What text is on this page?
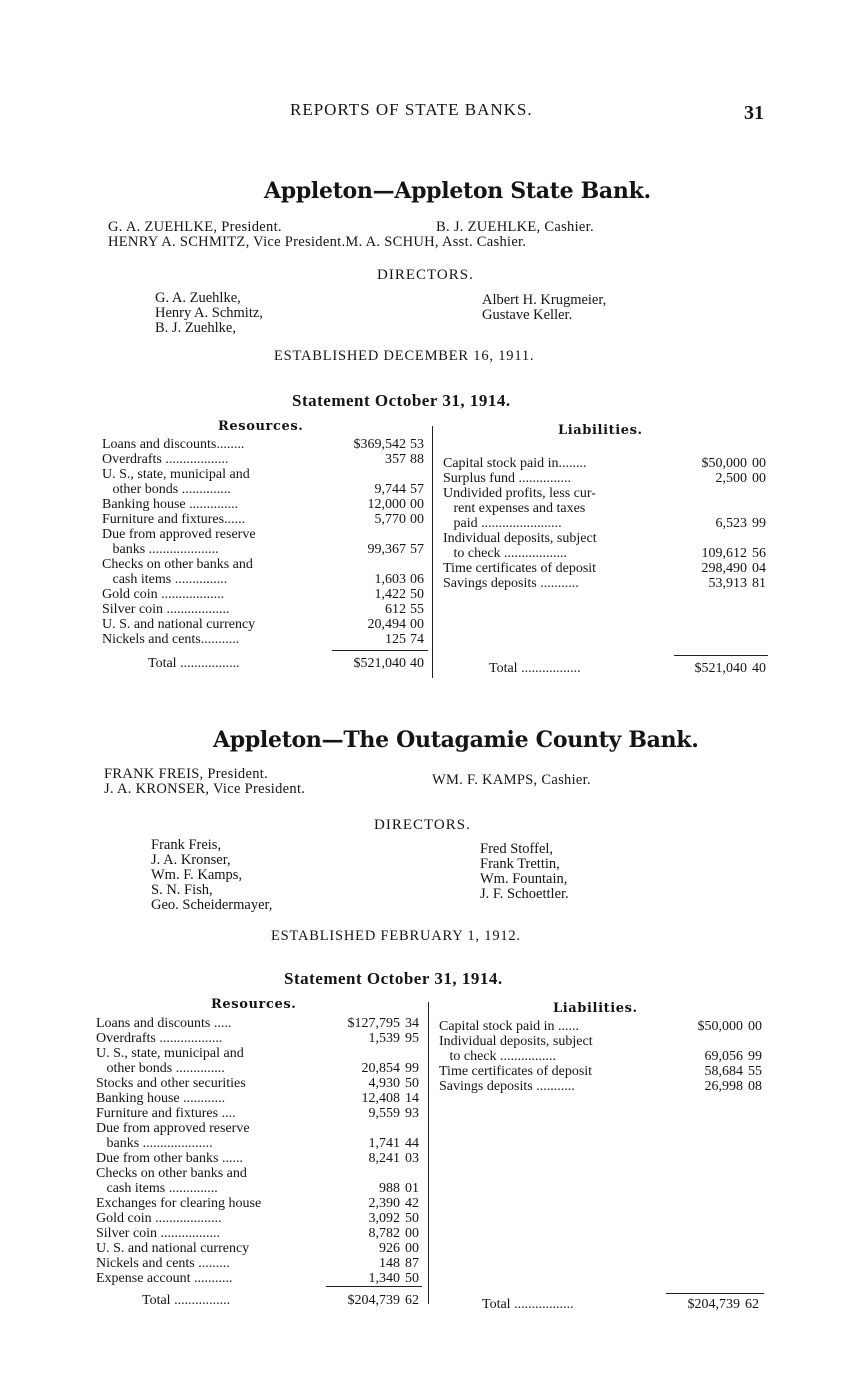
REPORTS OF STATE BANKS.	31
Appleton—Appleton State Bank.
G. A. ZUEHLKE, President.	B. J. ZUEHLKE, Cashier.
HENRY A. SCHMITZ, Vice President.M. A. SCHUH, Asst. Cashier.
DIRECTORS.
G. A. Zuehlke,
Henry A. Schmitz,
B. J. Zuehlke,
Albert H. Krugmeier,
Gustave Keller.
ESTABLISHED DECEMBER 16, 1911.
Statement October 31, 1914.
Resources.	Liabilities.
Loans and discounts........	$369,542 53
Overdrafts ..................	357 88
U. S., state, municipal and
other bonds ..............	9,744 57
Banking house ..............	12,000 00
Furniture and fixtures......	5,770 00
Due from approved reserve
banks ....................	99,367 57
Checks on other banks and
cash items ...............	1,603 06
Gold coin ..................	1,422 50
Silver coin ..................	612 55
U. S. and national currency	20,494 00
Nickels and cents...........	125 74
Capital stock paid in........	$50,000 00
Surplus fund ...............	2,500 00
Undivided profits, less cur-
rent expenses and taxes
paid .......................	6,523 99
Individual deposits, subject
to check ..................	109,612 56
Time certificates of deposit	298,490 04
Savings deposits ...........	53,913 81
Total .................	$521,040 40	Total .................	$521,040 40
Appleton—The Outagamie County Bank.
FRANK FREIS, President.	WM. F. KAMPS, Cashier.
J. A. KRONSER, Vice President.
DIRECTORS.
Frank Freis,
J. A. Kronser,
Wm. F. Kamps,
S. N. Fish,
Geo. Scheidermayer,
Fred Stoffel,
Frank Trettin,
Wm. Fountain,
J. F. Schoettler.
ESTABLISHED FEBRUARY 1, 1912.
Statement October 31, 1914.
Resources.	Liabilities.
Loans and discounts .....	$127,795 34
Overdrafts ..................	1,539 95
U. S., state, municipal and
other bonds ..............	20,854 99
Stocks and other securities	4,930 50
Banking house ............	12,408 14
Furniture and fixtures ....	9,559 93
Due from approved reserve
banks ....................	1,741 44
Due from other banks ......	8,241 03
Checks on other banks and
cash items ..............	988 01
Exchanges for clearing house	2,390 42
Gold coin ...................	3,092 50
Silver coin .................	8,782 00
U. S. and national currency	926 00
Nickels and cents .........	148 87
Expense account ...........	1,340 50
Capital stock paid in ......	$50,000 00
Individual deposits, subject
to check ................	69,056 99
Time certificates of deposit	58,684 55
Savings deposits ...........	26,998 08
Total ................	$204,739 62	Total .................	$204,739 62
